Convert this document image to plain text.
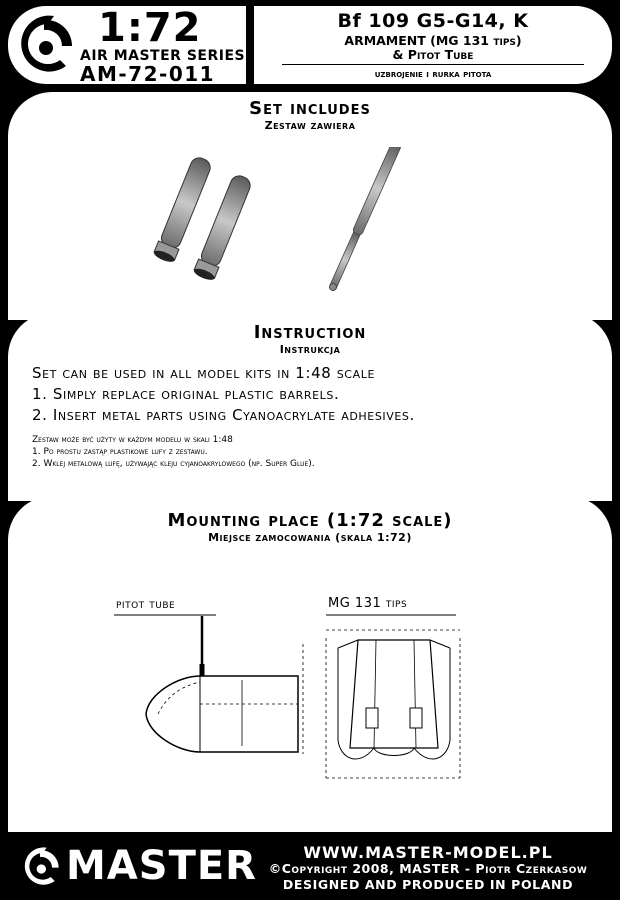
1:72
AIR MASTER SERIES
AM-72-011
Bf 109 G5-G14, K
ARMAMENT (MG 131 tips)
& Pitot Tube
uzbrojenie i rurka pitota
Set includes
Zestaw zawiera
Instruction
Instrukcja
Set can be used in all model kits in 1:48 scale
1. Simply replace original plastic barrels.
2. Insert metal parts using Cyanoacrylate adhesives.
Zestaw może być użyty w każdym modelu w skali 1:48
1. Po prostu zastąp plastikowe lufy z zestawu.
2. Wklej metalową lufę, używając kleju cyjanoakrylowego (np. Super Glue).
Mounting place (1:72 scale)
Miejsce zamocowania (skala 1:72)
pitot tube	MG 131 tips
MASTER	WWW.MASTER-MODEL.PL
©Copyright 2008, MASTER - Piotr Czerkasow
DESIGNED AND PRODUCED IN POLAND
